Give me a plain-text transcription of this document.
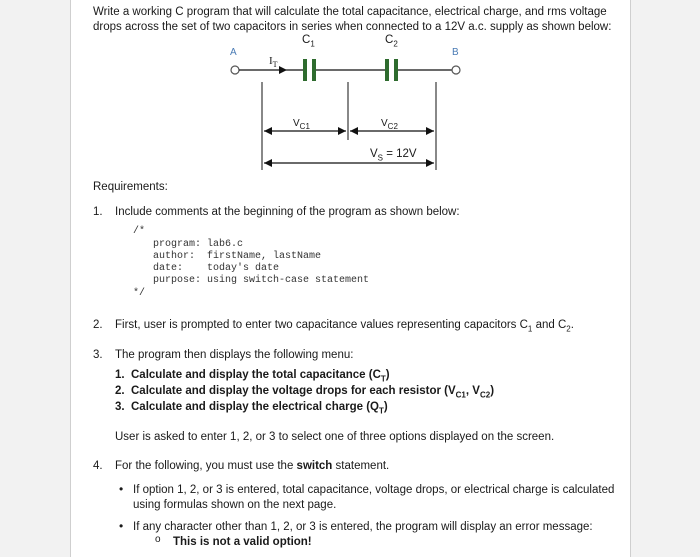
Write a working C program that will calculate the total capacitance, electrical charge, and rms voltage drops across the set of two capacitors in series when connected to a 12V a.c. supply as shown below:
A	B
$I_T$
$C_1$	$C_2$
$V_{C1}$	$V_{C2}$
$V_S = 12V$
Requirements:
1. Include comments at the beginning of the program as shown below:
/*
program: lab6.c
author:  firstName, lastName
date:    today's date
purpose: using switch-case statement
*/
2. First, user is prompted to enter two capacitance values representing capacitors $C_1$ and $C_2$.
3. The program then displays the following menu:
1. Calculate and display the total capacitance $(C_T)$
2. Calculate and display the voltage drops for each resistor ($V_{C1}$, $V_{C2}$)
3. Calculate and display the electrical charge $(Q_T)$
User is asked to enter 1, 2, or 3 to select one of three options displayed on the screen.
4. For the following, you must use the switch statement.
• If option 1, 2, or 3 is entered, total capacitance, voltage drops, or electrical charge is calculated
using formulas shown on the next page.
• If any character other than 1, 2, or 3 is entered, the program will display an error message:
o This is not a valid option!
